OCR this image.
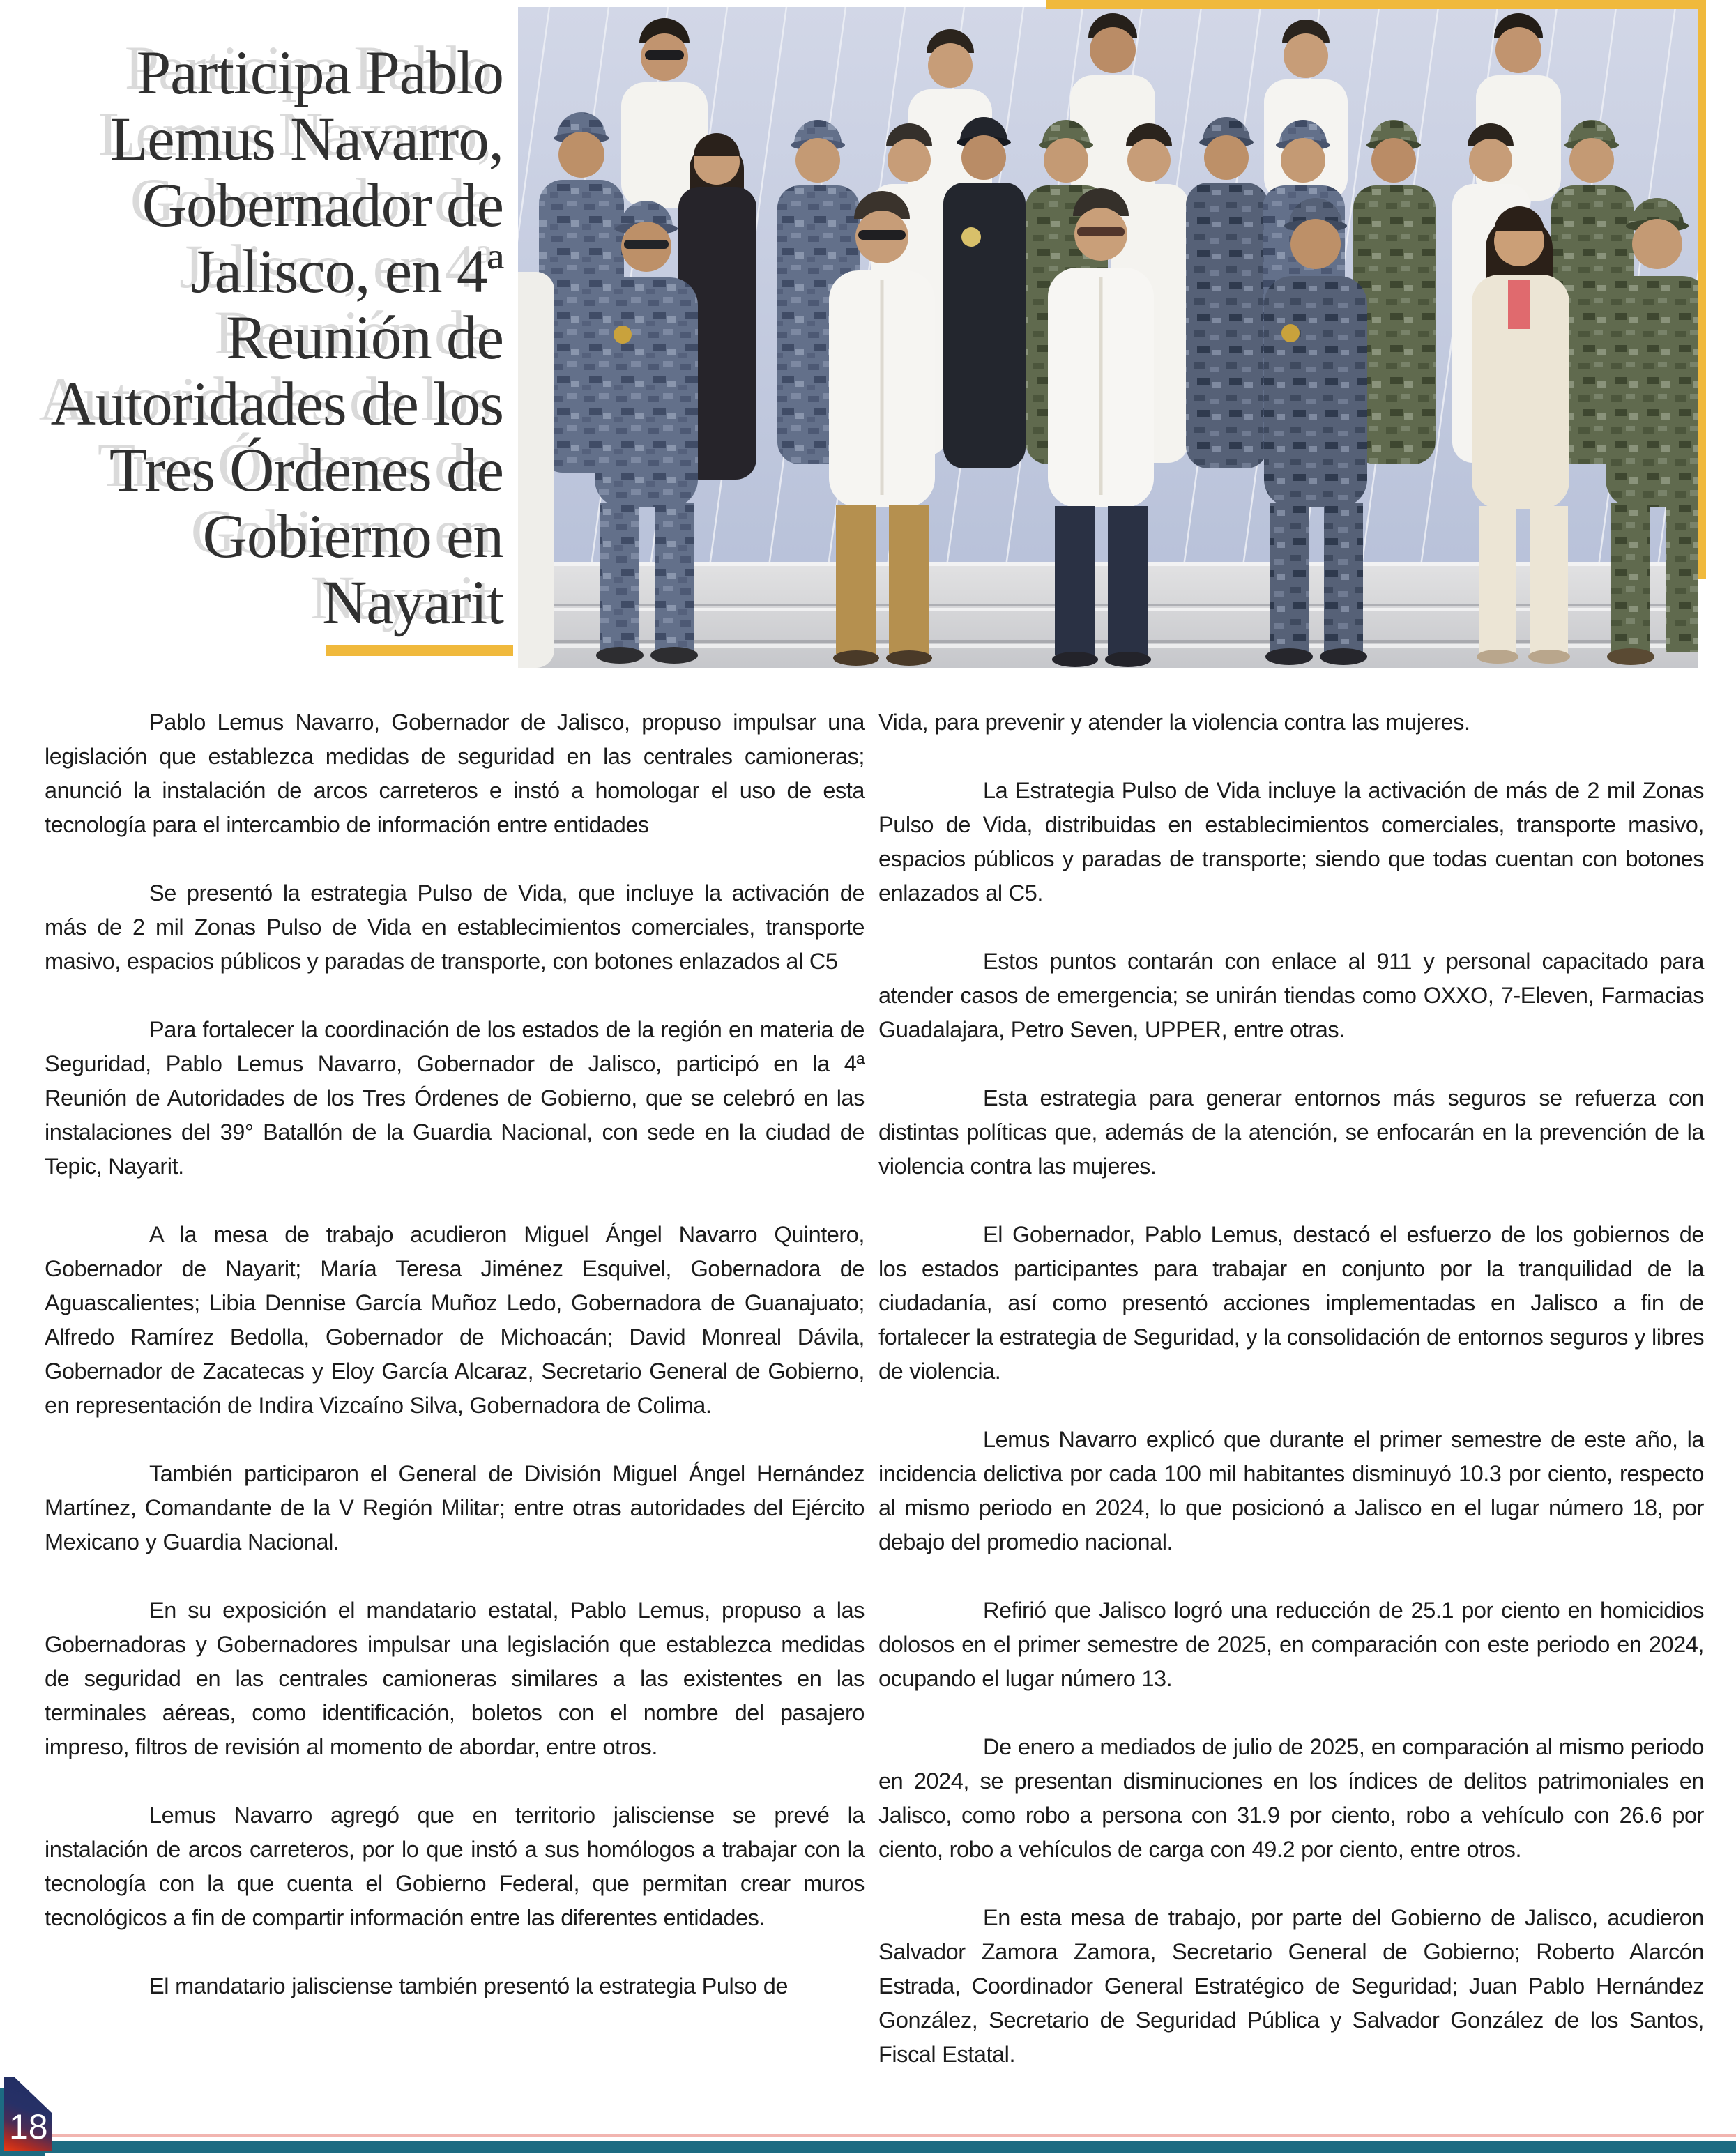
Participa Pablo
Lemus Navarro,
Gobernador de
Jalisco, en 4ª
Reunión de
Autoridades de los
Tres Órdenes de
Gobierno en
Nayarit

Pablo Lemus Navarro, Gobernador de Jalisco, propuso impulsar una legislación que establezca medidas de seguridad en las centrales camioneras; anunció la instalación de arcos carreteros e instó a homologar el uso de esta tecnología para el intercambio de información entre entidades

Se presentó la estrategia Pulso de Vida, que incluye la activación de más de 2 mil Zonas Pulso de Vida en establecimientos comerciales, transporte masivo, espacios públicos y paradas de transporte, con botones enlazados al C5

Para fortalecer la coordinación de los estados de la región en materia de Seguridad, Pablo Lemus Navarro, Gobernador de Jalisco, participó en la 4ª Reunión de Autoridades de los Tres Órdenes de Gobierno, que se celebró en las instalaciones del 39° Batallón de la Guardia Nacional, con sede en la ciudad de Tepic, Nayarit.

A la mesa de trabajo acudieron Miguel Ángel Navarro Quintero, Gobernador de Nayarit; María Teresa Jiménez Esquivel, Gobernadora de Aguascalientes; Libia Dennise García Muñoz Ledo, Gobernadora de Guanajuato; Alfredo Ramírez Bedolla, Gobernador de Michoacán; David Monreal Dávila, Gobernador de Zacatecas y Eloy García Alcaraz, Secretario General de Gobierno, en representación de Indira Vizcaíno Silva, Gobernadora de Colima.

También participaron el General de División Miguel Ángel Hernández Martínez, Comandante de la V Región Militar; entre otras autoridades del Ejército Mexicano y Guardia Nacional.

En su exposición el mandatario estatal, Pablo Lemus, propuso a las Gobernadoras y Gobernadores impulsar una legislación que establezca medidas de seguridad en las centrales camioneras similares a las existentes en las terminales aéreas, como identificación, boletos con el nombre del pasajero impreso, filtros de revisión al momento de abordar, entre otros.

Lemus Navarro agregó que en territorio jalisciense se prevé la instalación de arcos carreteros, por lo que instó a sus homólogos a trabajar con la tecnología con la que cuenta el Gobierno Federal, que permitan crear muros tecnológicos a fin de compartir información entre las diferentes entidades.

El mandatario jalisciense también presentó la estrategia Pulso de

Vida, para prevenir y atender la violencia contra las mujeres.

La Estrategia Pulso de Vida incluye la activación de más de 2 mil Zonas Pulso de Vida, distribuidas en establecimientos comerciales, transporte masivo, espacios públicos y paradas de transporte; siendo que todas cuentan con botones enlazados al C5.

Estos puntos contarán con enlace al 911 y personal capacitado para atender casos de emergencia; se unirán tiendas como OXXO, 7-Eleven, Farmacias Guadalajara, Petro Seven, UPPER, entre otras.

Esta estrategia para generar entornos más seguros se refuerza con distintas políticas que, además de la atención, se enfocarán en la prevención de la violencia contra las mujeres.

El Gobernador, Pablo Lemus, destacó el esfuerzo de los gobiernos de los estados participantes para trabajar en conjunto por la tranquilidad de la ciudadanía, así como presentó acciones implementadas en Jalisco a fin de fortalecer la estrategia de Seguridad, y la consolidación de entornos seguros y libres de violencia.

Lemus Navarro explicó que durante el primer semestre de este año, la incidencia delictiva por cada 100 mil habitantes disminuyó 10.3 por ciento, respecto al mismo periodo en 2024, lo que posicionó a Jalisco en el lugar número 18, por debajo del promedio nacional.

Refirió que Jalisco logró una reducción de 25.1 por ciento en homicidios dolosos en el primer semestre de 2025, en comparación con este periodo en 2024, ocupando el lugar número 13.

De enero a mediados de julio de 2025, en comparación al mismo periodo en 2024, se presentan disminuciones en los índices de delitos patrimoniales en Jalisco, como robo a persona con 31.9 por ciento, robo a vehículo con 26.6 por ciento, robo a vehículos de carga con 49.2 por ciento, entre otros.

En esta mesa de trabajo, por parte del Gobierno de Jalisco, acudieron Salvador Zamora Zamora, Secretario General de Gobierno; Roberto Alarcón Estrada, Coordinador General Estratégico de Seguridad; Juan Pablo Hernández González, Secretario de Seguridad Pública y Salvador González de los Santos, Fiscal Estatal.

18
